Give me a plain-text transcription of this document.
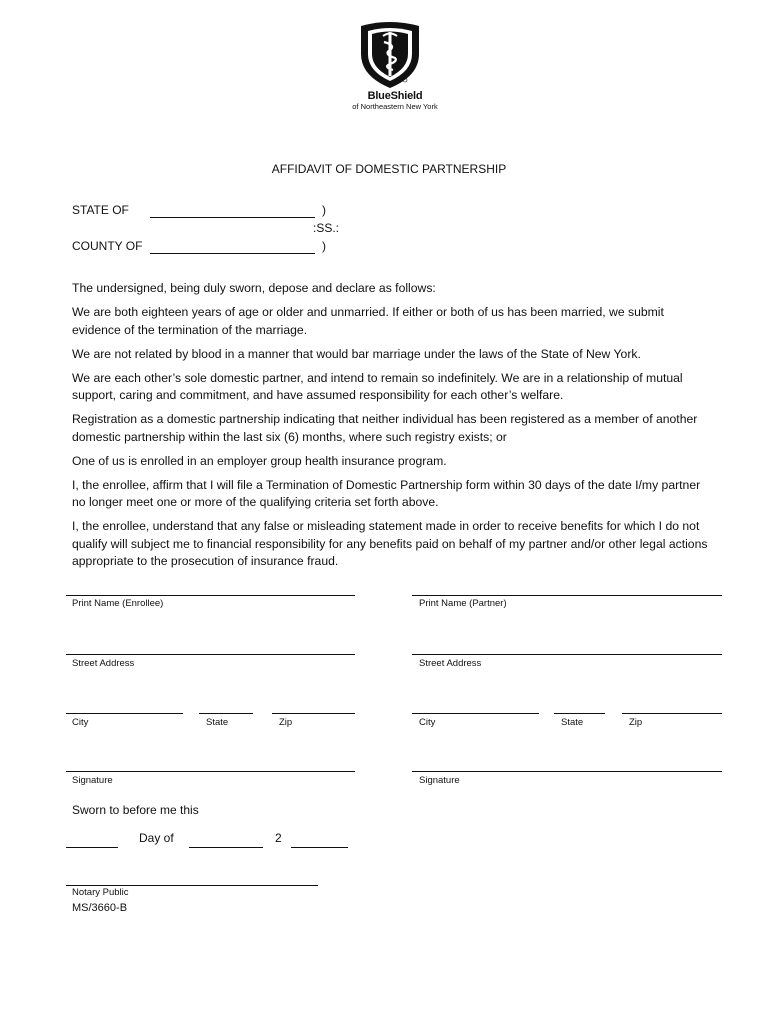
BlueShield
of Northeastern New York
AFFIDAVIT OF DOMESTIC PARTNERSHIP
STATE OF	)
:SS.:
COUNTY OF	)

The undersigned, being duly sworn, depose and declare as follows:

We are both eighteen years of age or older and unmarried. If either or both of us has been married, we submit evidence of the termination of the marriage.

We are not related by blood in a manner that would bar marriage under the laws of the State of New York.

We are each other’s sole domestic partner, and intend to remain so indefinitely. We are in a relationship of mutual support, caring and commitment, and have assumed responsibility for each other’s welfare.

Registration as a domestic partnership indicating that neither individual has been registered as a member of another domestic partnership within the last six (6) months, where such registry exists; or

One of us is enrolled in an employer group health insurance program.

I, the enrollee, affirm that I will file a Termination of Domestic Partnership form within 30 days of the date I/my partner no longer meet one or more of the qualifying criteria set forth above.

I, the enrollee, understand that any false or misleading statement made in order to receive benefits for which I do not qualify will subject me to financial responsibility for any benefits paid on behalf of my partner and/or other legal actions appropriate to the prosecution of insurance fraud.

Print Name (Enrollee)	Print Name (Partner)
Street Address	Street Address
City	State	Zip	City	State	Zip
Signature	Signature
Sworn to before me this
Day of	2
Notary Public
MS/3660-B
